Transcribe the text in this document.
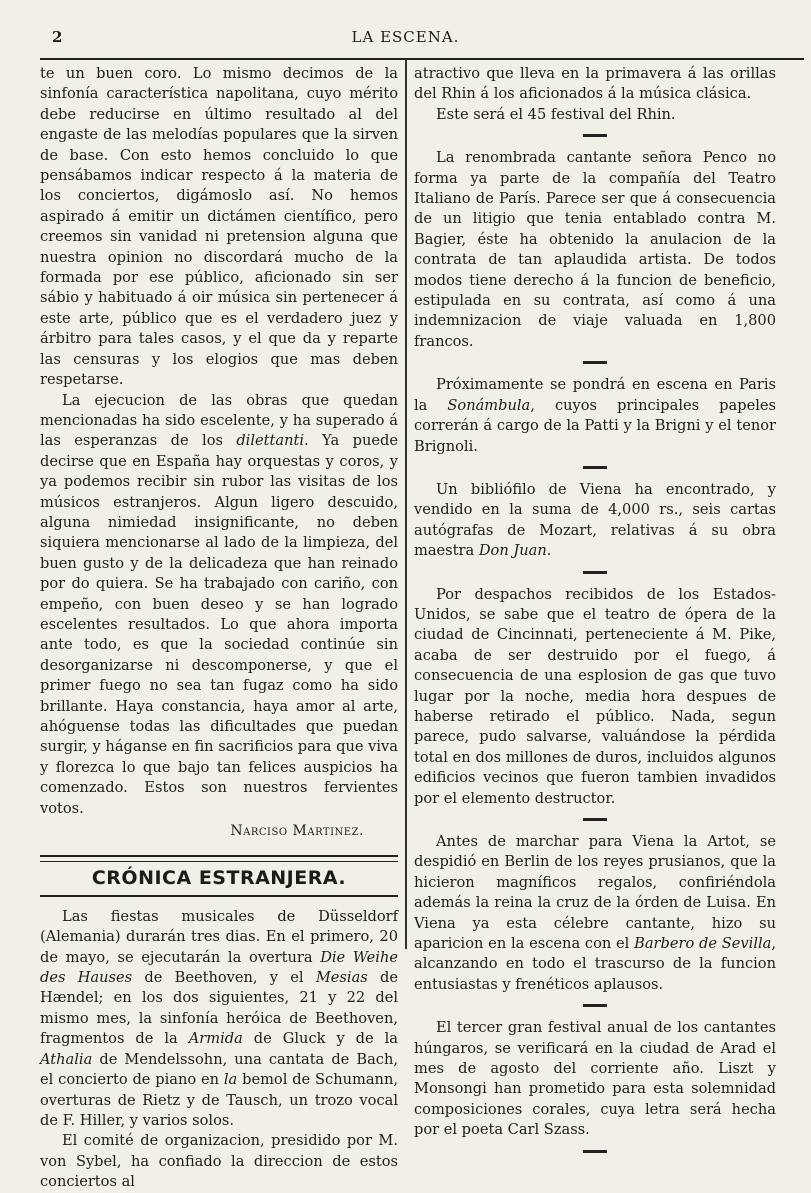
2	LA ESCENA.

te un buen coro. Lo mismo decimos de la sinfonía característica napolitana, cuyo mérito debe reducirse en último resultado al del engaste de las melodías populares que la sirven de base. Con esto hemos concluido lo que pensábamos indicar respecto á la materia de los conciertos, digámoslo así. No hemos aspirado á emitir un dictámen científico, pero creemos sin vanidad ni pretension alguna que nuestra opinion no discordará mucho de la formada por ese público, aficionado sin ser sábio y habituado á oir música sin pertenecer á este arte, público que es el verdadero juez y árbitro para tales casos, y el que da y reparte las censuras y los elogios que mas deben respetarse.

La ejecucion de las obras que quedan mencionadas ha sido escelente, y ha superado á las esperanzas de los dilettanti. Ya puede decirse que en España hay orquestas y coros, y ya podemos recibir sin rubor las visitas de los músicos estranjeros. Algun ligero descuido, alguna nimiedad insignificante, no deben siquiera mencionarse al lado de la limpieza, del buen gusto y de la delicadeza que han reinado por do quiera. Se ha trabajado con cariño, con empeño, con buen deseo y se han logrado escelentes resultados. Lo que ahora importa ante todo, es que la sociedad continúe sin desorganizarse ni descomponerse, y que el primer fuego no sea tan fugaz como ha sido brillante. Haya constancia, haya amor al arte, ahóguense todas las dificultades que puedan surgir, y háganse en fin sacrificios para que viva y florezca lo que bajo tan felices auspicios ha comenzado. Estos son nuestros fervientes votos.

Narciso Martinez.
CRÓNICA ESTRANJERA.

Las fiestas musicales de Düsseldorf (Alemania) durarán tres dias. En el primero, 20 de mayo, se ejecutarán la overtura Die Weihe des Hauses de Beethoven, y el Mesias de Hændel; en los dos siguientes, 21 y 22 del mismo mes, la sinfonía heróica de Beethoven, fragmentos de la Armida de Gluck y de la Athalia de Mendelssohn, una cantata de Bach, el concierto de piano en la bemol de Schumann, overturas de Rietz y de Tausch, un trozo vocal de F. Hiller, y varios solos.

El comité de organizacion, presidido por M. von Sybel, ha confiado la direccion de estos conciertos al

atractivo que lleva en la primavera á las orillas del Rhin á los aficionados á la música clásica.

Este será el 45 festival del Rhin.

La renombrada cantante señora Penco no forma ya parte de la compañía del Teatro Italiano de París. Parece ser que á consecuencia de un litigio que tenia entablado contra M. Bagier, éste ha obtenido la anulacion de la contrata de tan aplaudida artista. De todos modos tiene derecho á la funcion de beneficio, estipulada en su contrata, así como á una indemnizacion de viaje valuada en 1,800 francos.

Próximamente se pondrá en escena en Paris la Sonámbula, cuyos principales papeles correrán á cargo de la Patti y la Brigni y el tenor Brignoli.

Un bibliófilo de Viena ha encontrado, y vendido en la suma de 4,000 rs., seis cartas autógrafas de Mozart, relativas á su obra maestra Don Juan.

Por despachos recibidos de los Estados-Unidos, se sabe que el teatro de ópera de la ciudad de Cincinnati, perteneciente á M. Pike, acaba de ser destruido por el fuego, á consecuencia de una esplosion de gas que tuvo lugar por la noche, media hora despues de haberse retirado el público. Nada, segun parece, pudo salvarse, valuándose la pérdida total en dos millones de duros, incluidos algunos edificios vecinos que fueron tambien invadidos por el elemento destructor.

Antes de marchar para Viena la Artot, se despidió en Berlin de los reyes prusianos, que la hicieron magníficos regalos, confiriéndola además la reina la cruz de la órden de Luisa. En Viena ya esta célebre cantante, hizo su aparicion en la escena con el Barbero de Sevilla, alcanzando en todo el trascurso de la funcion entusiastas y frenéticos aplausos.

El tercer gran festival anual de los cantantes húngaros, se verificará en la ciudad de Arad el mes de agosto del corriente año. Liszt y Monsongi han prometido para esta solemnidad composiciones corales, cuya letra será hecha por el poeta Carl Szass.
